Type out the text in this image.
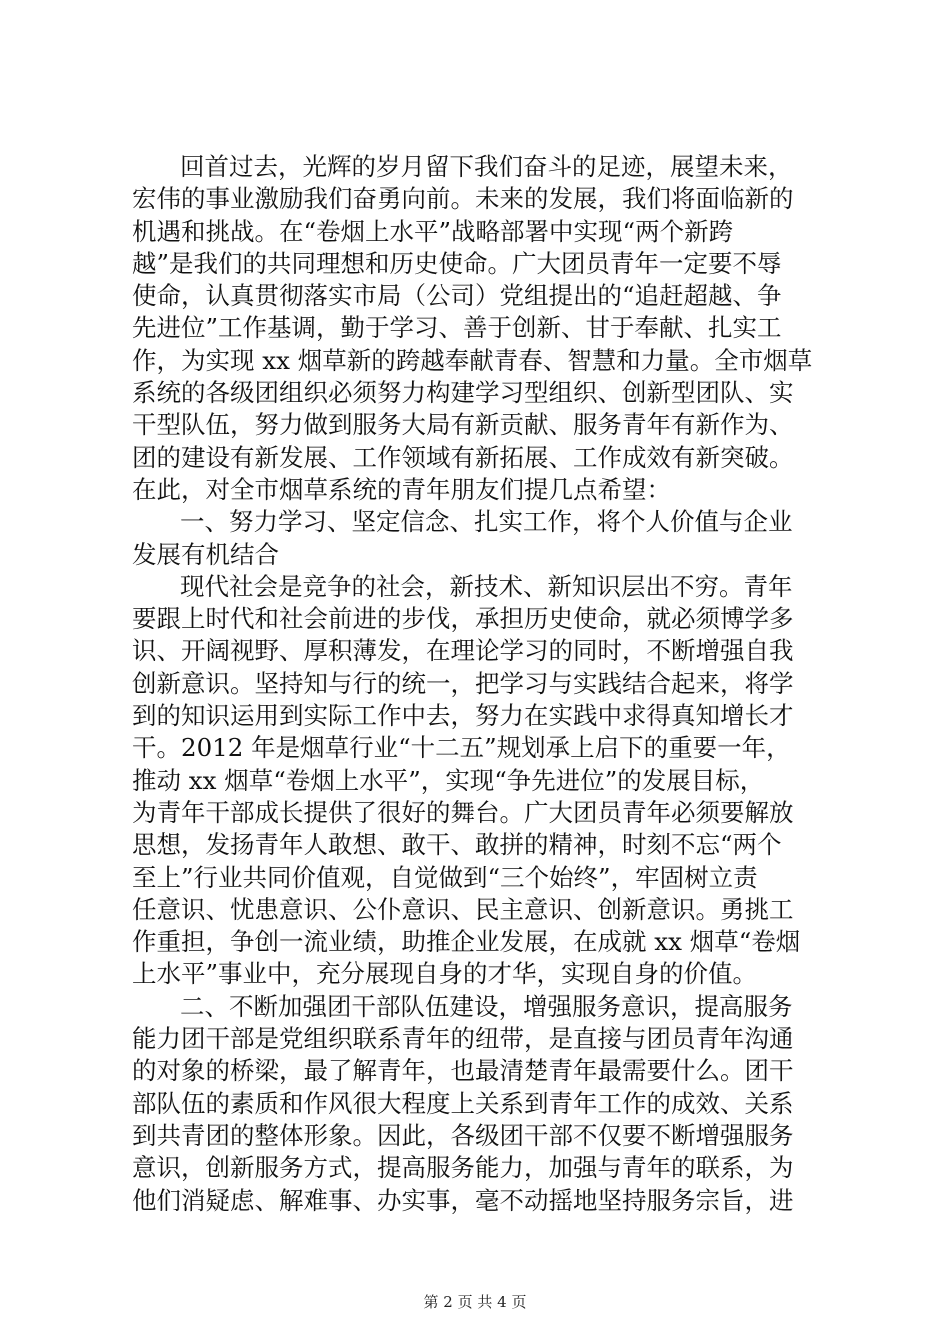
回首过去，光辉的岁月留下我们奋斗的足迹，展望未来，
宏伟的事业激励我们奋勇向前。未来的发展，我们将面临新的
机遇和挑战。在“卷烟上水平”战略部署中实现“两个新跨
越”是我们的共同理想和历史使命。广大团员青年一定要不辱
使命，认真贯彻落实市局（公司）党组提出的“追赶超越、争
先进位”工作基调，勤于学习、善于创新、甘于奉献、扎实工
作，为实现 xx 烟草新的跨越奉献青春、智慧和力量。全市烟草
系统的各级团组织必须努力构建学习型组织、创新型团队、实
干型队伍，努力做到服务大局有新贡献、服务青年有新作为、
团的建设有新发展、工作领域有新拓展、工作成效有新突破。
在此，对全市烟草系统的青年朋友们提几点希望：
一、努力学习、坚定信念、扎实工作，将个人价值与企业
发展有机结合
现代社会是竞争的社会，新技术、新知识层出不穷。青年
要跟上时代和社会前进的步伐，承担历史使命，就必须博学多
识、开阔视野、厚积薄发，在理论学习的同时，不断增强自我
创新意识。坚持知与行的统一，把学习与实践结合起来，将学
到的知识运用到实际工作中去，努力在实践中求得真知增长才
干。2012 年是烟草行业“十二五”规划承上启下的重要一年，
推动 xx 烟草“卷烟上水平”，实现“争先进位”的发展目标，
为青年干部成长提供了很好的舞台。广大团员青年必须要解放
思想，发扬青年人敢想、敢干、敢拼的精神，时刻不忘“两个
至上”行业共同价值观，自觉做到“三个始终”，牢固树立责
任意识、忧患意识、公仆意识、民主意识、创新意识。勇挑工
作重担，争创一流业绩，助推企业发展，在成就 xx 烟草“卷烟
上水平”事业中，充分展现自身的才华，实现自身的价值。
二、不断加强团干部队伍建设，增强服务意识，提高服务
能力团干部是党组织联系青年的纽带，是直接与团员青年沟通
的对象的桥梁，最了解青年，也最清楚青年最需要什么。团干
部队伍的素质和作风很大程度上关系到青年工作的成效、关系
到共青团的整体形象。因此，各级团干部不仅要不断增强服务
意识，创新服务方式，提高服务能力，加强与青年的联系，为
他们消疑虑、解难事、办实事，毫不动摇地坚持服务宗旨，进
第 2 页 共 4 页
